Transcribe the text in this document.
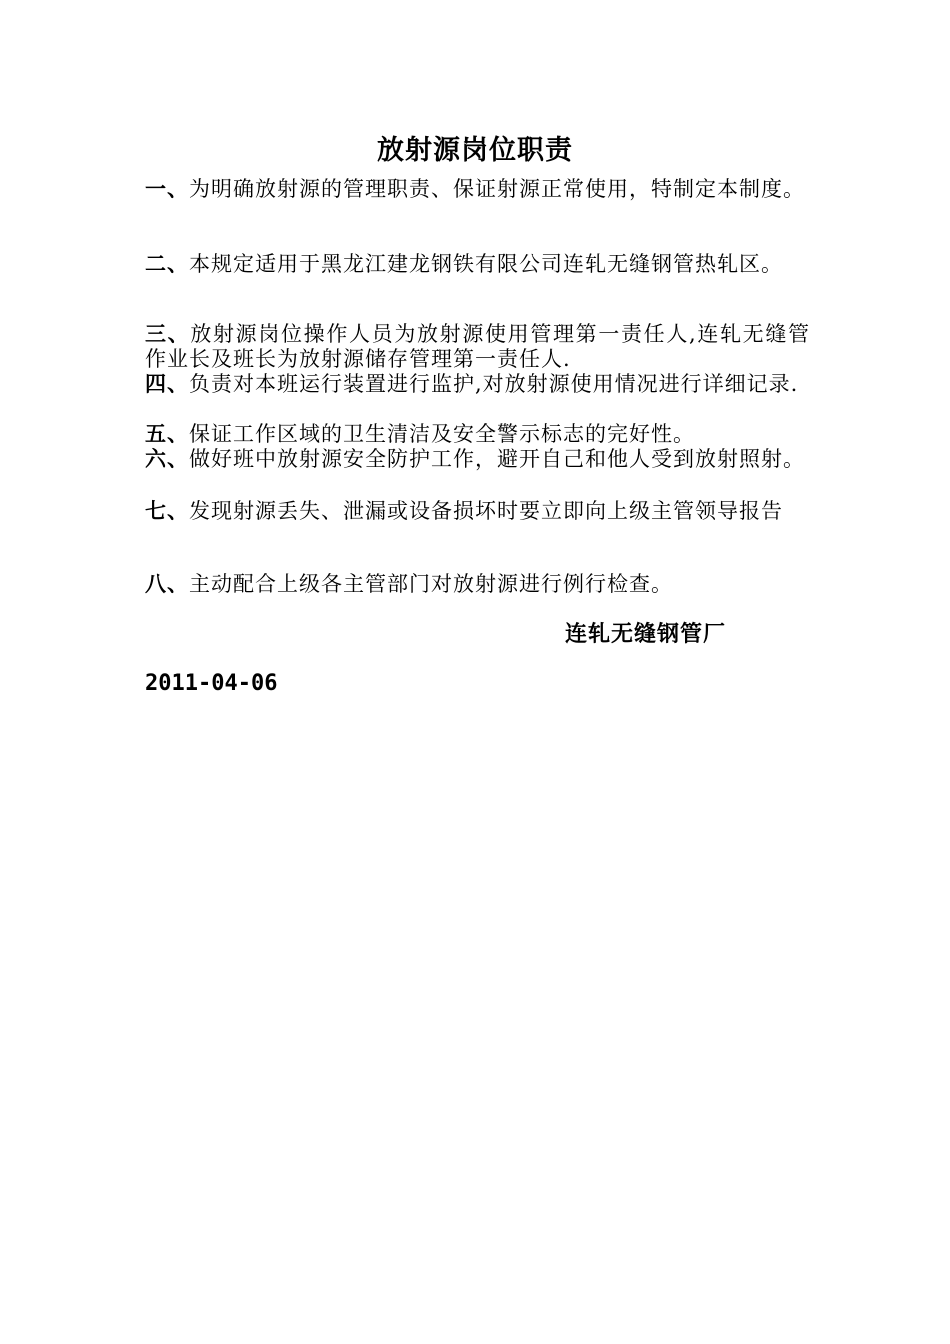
放射源岗位职责

一、为明确放射源的管理职责、保证射源正常使用，特制定本制度。

二、本规定适用于黑龙江建龙钢铁有限公司连轧无缝钢管热轧区。

三、放射源岗位操作人员为放射源使用管理第一责任人,连轧无缝管作业长及班长为放射源储存管理第一责任人.

四、负责对本班运行装置进行监护,对放射源使用情况进行详细记录.

五、保证工作区域的卫生清洁及安全警示标志的完好性。

六、做好班中放射源安全防护工作，避开自己和他人受到放射照射。

七、发现射源丢失、泄漏或设备损坏时要立即向上级主管领导报告

八、主动配合上级各主管部门对放射源进行例行检查。

连轧无缝钢管厂
2011-04-06
